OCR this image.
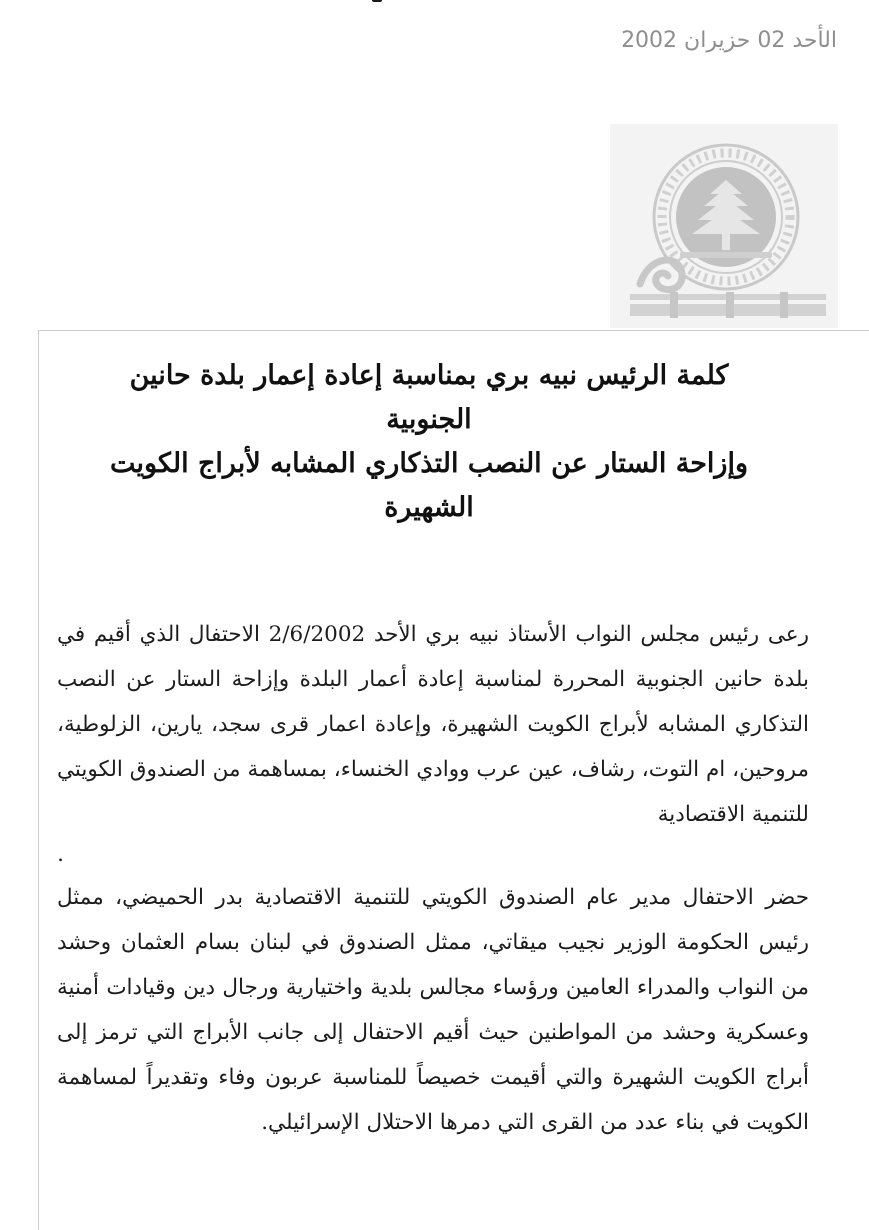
الأحد 02 حزيران 2002
كلمة الرئيس نبيه بري بمناسبة إعادة إعمار بلدة حانين
الجنوبية
وإزاحة الستار عن النصب التذكاري المشابه لأبراج الكويت
الشهيرة

رعى رئيس مجلس النواب الأستاذ نبيه بري الأحد 2/6/2002 الاحتفال الذي أقيم في بلدة حانين الجنوبية المحررة لمناسبة إعادة أعمار البلدة وإزاحة الستار عن النصب التذكاري المشابه لأبراج الكويت الشهيرة، وإعادة اعمار قرى سجد، يارين، الزلوطية، مروحين، ام التوت، رشاف، عين عرب ووادي الخنساء، بمساهمة من الصندوق الكويتي للتنمية الاقتصادية

.

حضر الاحتفال مدير عام الصندوق الكويتي للتنمية الاقتصادية بدر الحميضي، ممثل رئيس الحكومة الوزير نجيب ميقاتي، ممثل الصندوق في لبنان بسام العثمان وحشد من النواب والمدراء العامين ورؤساء مجالس بلدية واختيارية ورجال دين وقيادات أمنية وعسكرية وحشد من المواطنين حيث أقيم الاحتفال إلى جانب الأبراج التي ترمز إلى أبراج الكويت الشهيرة والتي أقيمت خصيصاً للمناسبة عربون وفاء وتقديراً لمساهمة الكويت في بناء عدد من القرى التي دمرها الاحتلال الإسرائيلي.
